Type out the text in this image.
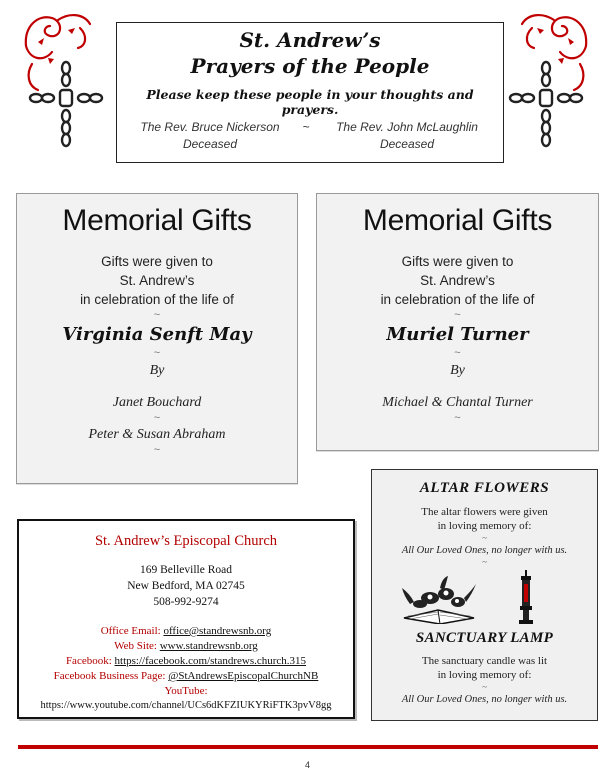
St. Andrew’s
Prayers of the People
Please keep these people in your thoughts and prayers.
The Rev. Bruce Nickerson
Deceased
~	The Rev. John McLaughlin
Deceased
Memorial Gifts
Gifts were given to
St. Andrew’s
in celebration of the life of
~
Virginia Senft May
~
By
Janet Bouchard
~
Peter & Susan Abraham
~
Memorial Gifts
Gifts were given to
St. Andrew’s
in celebration of the life of
~
Muriel Turner
~
By
Michael & Chantal Turner
~
St. Andrew’s Episcopal Church
169 Belleville Road
New Bedford, MA 02745
508-992-9274
Office Email: office@standrewsnb.org
Web Site: www.standrewsnb.org
Facebook: https://facebook.com/standrews.church.315
Facebook Business Page: @StAndrewsEpiscopalChurchNB
YouTube:
https://www.youtube.com/channel/UCs6dKFZIUKYRiFTK3pvV8gg
ALTAR FLOWERS
The altar flowers were given
in loving memory of:
~
All Our Loved Ones, no longer with us.
~
SANCTUARY LAMP
The sanctuary candle was lit
in loving memory of:
~
All Our Loved Ones, no longer with us.
4
